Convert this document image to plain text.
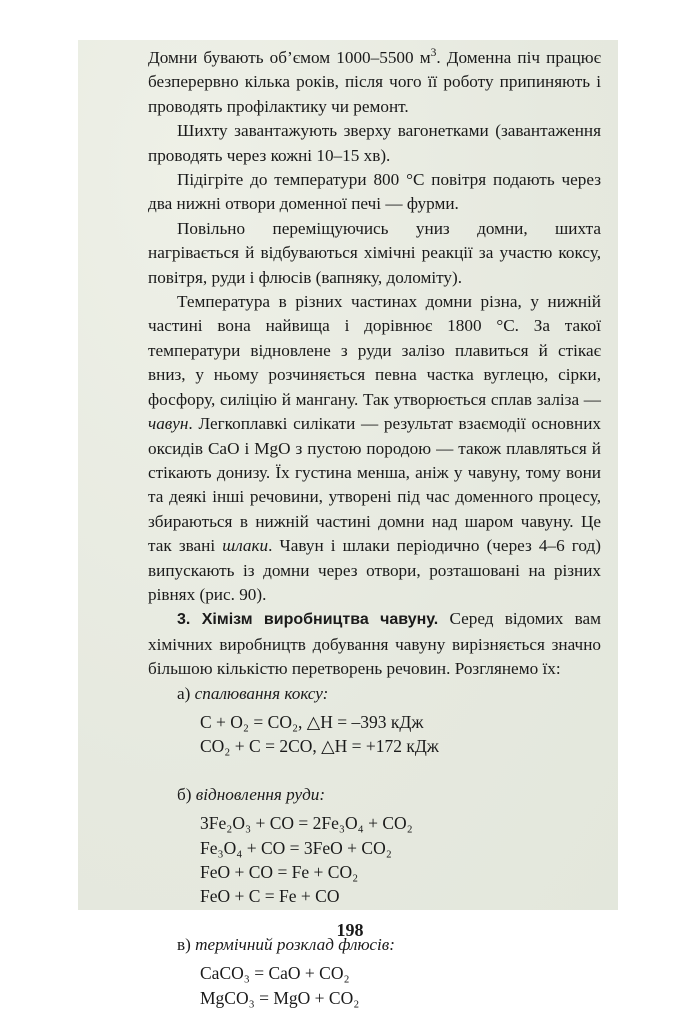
Домни бувають об’ємом 1000–5500 $м^3$. Доменна піч працює безперервно кілька років, після чого її роботу припиняють і проводять профілактику чи ремонт.

Шихту завантажують зверху вагонетками (завантаження проводять через кожні 10–15 хв).

Підігріте до температури 800 °С повітря подають через два нижні отвори доменної печі — фурми.

Повільно переміщуючись униз домни, шихта нагрівається й відбуваються хімічні реакції за участю коксу, повітря, руди і флюсів (вапняку, доломіту).

Температура в різних частинах домни різна, у нижній частині вона найвища і дорівнює 1800 °С. За такої температури відновлене з руди залізо плавиться й стікає вниз, у ньому розчиняється певна частка вуглецю, сірки, фосфору, силіцію й мангану. Так утворюється сплав заліза — чавун. Легкоплавкі силікати — результат взаємодії основних оксидів CaO і MgO з пустою породою — також плавляться й стікають донизу. Їх густина менша, аніж у чавуну, тому вони та деякі інші речовини, утворені під час доменного процесу, збираються в нижній частині домни над шаром чавуну. Це так звані шлаки. Чавун і шлаки періодично (через 4–6 год) випускають із домни через отвори, розташовані на різних рівнях (рис. 90).

3. Хімізм виробництва чавуну. Серед відомих вам хімічних виробництв добування чавуну вирізняється значно більшою кількістю перетворень речовин. Розглянемо їх:

а) спалювання коксу:

C + O₂ = CO₂, △H = –393 кДж

CO₂ + C = 2CO, △H = +172 кДж

б) відновлення руди:

3Fe₂O₃ + CO = 2Fe₃O₄ + CO₂

Fe₃O₄ + CO = 3FeO + CO₂

FeO + CO = Fe + CO₂

FeO + C = Fe + CO

в) термічний розклад флюсів:

CaCO₃ = CaO + CO₂

MgCO₃ = MgO + CO₂

198
